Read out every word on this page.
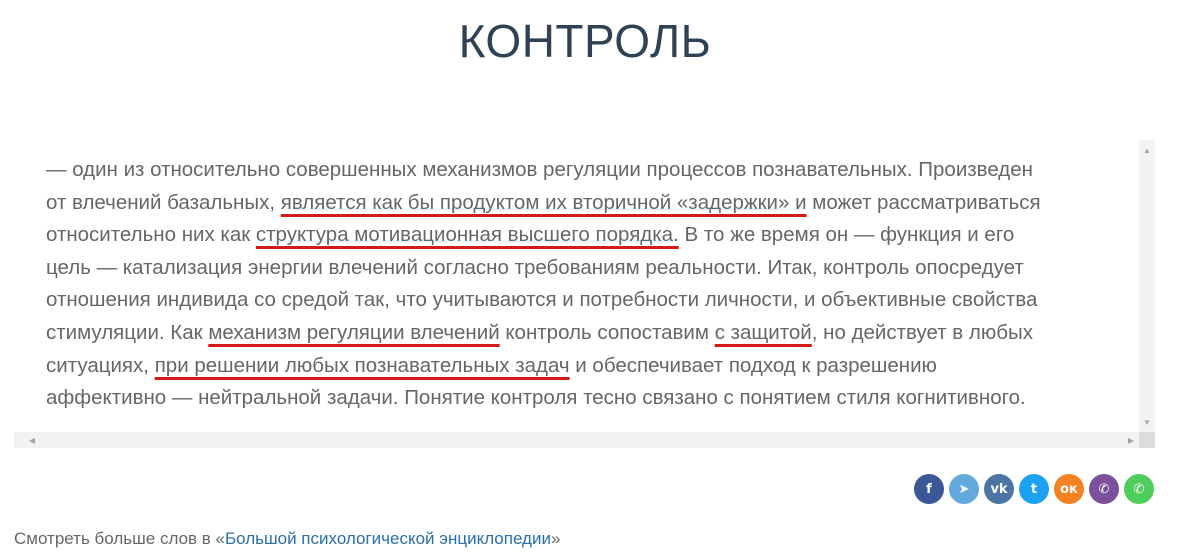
КОНТРОЛЬ

— один из относительно совершенных механизмов регуляции процессов познавательных. Произведен
от влечений базальных, является как бы продуктом их вторичной «задержки» и может рассматриваться
относительно них как структура мотивационная высшего порядка. В то же время он — функция и его
цель — катализация энергии влечений согласно требованиям реальности. Итак, контроль опосредует
отношения индивида со средой так, что учитываются и потребности личности, и объективные свойства
стимуляции. Как механизм регуляции влечений контроль сопоставим с защитой, но действует в любых
ситуациях, при решении любых познавательных задач и обеспечивает подход к разрешению
аффективно — нейтральной задачи. Понятие контроля тесно связано с понятием стиля когнитивного.

▲
▼
◀	▶
f	➤	vk	t	ок	✆	✆
Смотреть больше слов в «Большой психологической энциклопедии»
